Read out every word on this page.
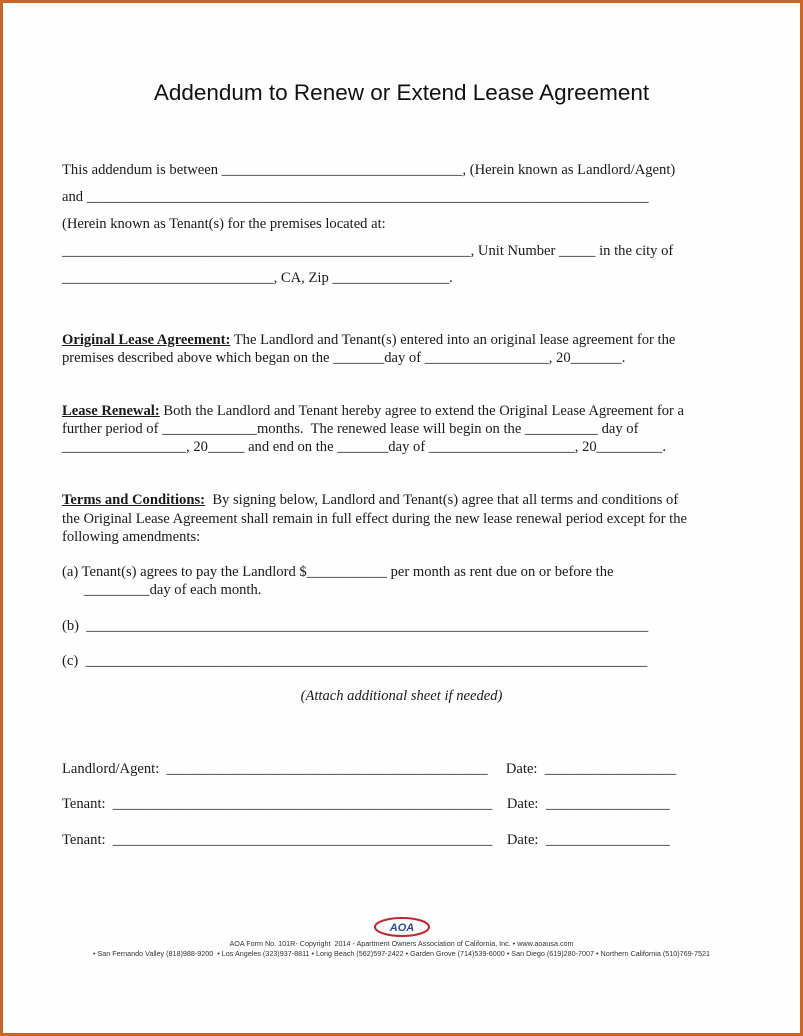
Addendum to Renew or Extend Lease Agreement
This addendum is between _________________________________, (Herein known as Landlord/Agent)
and _____________________________________________________________________________
(Herein known as Tenant(s) for the premises located at:
________________________________________________________, Unit Number _____ in the city of
_____________________________, CA, Zip ________________.
Original Lease Agreement: The Landlord and Tenant(s) entered into an original lease agreement for the
premises described above which began on the _______day of _________________, 20_______.
Lease Renewal: Both the Landlord and Tenant hereby agree to extend the Original Lease Agreement for a
further period of _____________months.  The renewed lease will begin on the __________ day of
_________________, 20_____ and end on the _______day of ____________________, 20_________.
Terms and Conditions:  By signing below, Landlord and Tenant(s) agree that all terms and conditions of
the Original Lease Agreement shall remain in full effect during the new lease renewal period except for the
following amendments:
(a) Tenant(s) agrees to pay the Landlord $___________ per month as rent due on or before the
_________day of each month.
(b)  _____________________________________________________________________________
(c)  _____________________________________________________________________________
(Attach additional sheet if needed)
Landlord/Agent:  ____________________________________________     Date:  __________________
Tenant:  ____________________________________________________    Date:  _________________
Tenant:  ____________________________________________________    Date:  _________________
AOA
AOA Form No. 101R- Copyright  2014 - Apartment Owners Association of California, Inc. • www.aoausa.com
• San Fernando Valley (818)988-9200  • Los Angeles (323)937-8811 • Long Beach (562)597-2422 • Garden Grove (714)539-6000 • San Diego (619)280-7007 • Northern California (510)769-7521
